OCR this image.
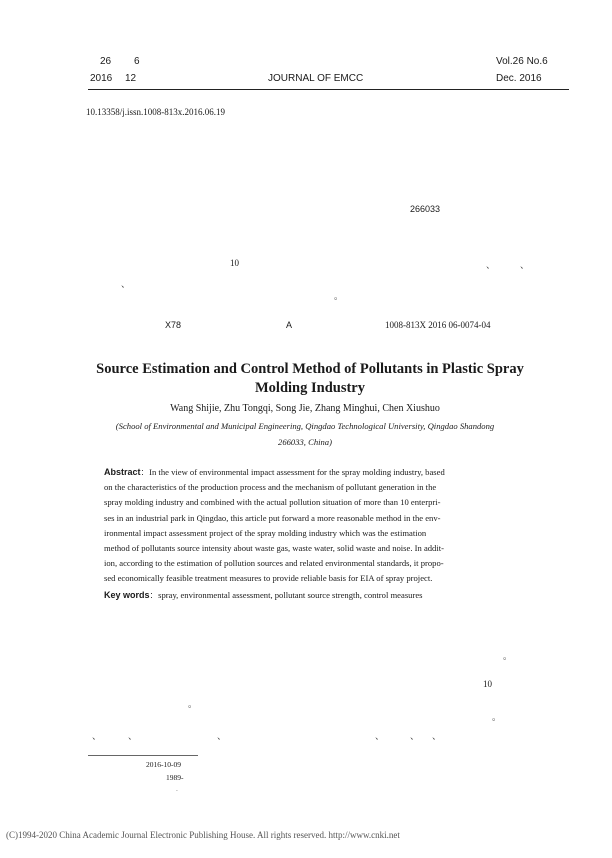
26 6
2016 12	JOURNAL OF EMCC
Vol.26 No.6
Dec. 2016
10.13358/j.issn.1008-813x.2016.06.19
266033
10	、	、
、
。
X78	A	1008-813X 2016 06-0074-04
Source Estimation and Control Method of Pollutants in Plastic Spray Molding Industry
Wang Shijie, Zhu Tongqi, Song Jie, Zhang Minghui, Chen Xiushuo
(School of Environmental and Municipal Engineering, Qingdao Technological University, Qingdao Shandong
266033, China)
Abstract：In the view of environmental impact assessment for the spray molding industry, based
on the characteristics of the production process and the mechanism of pollutant generation in the
spray molding industry and combined with the actual pollution situation of more than 10 enterpri-
ses in an industrial park in Qingdao, this article put forward a more reasonable method in the env-
ironmental impact assessment project of the spray molding industry which was the estimation
method of pollutants source intensity about waste gas, waste water, solid waste and noise. In addit-
ion, according to the estimation of pollution sources and related environmental standards, it propo-
sed economically feasible treatment measures to provide reliable basis for EIA of spray project.
Key words：spray, environmental assessment, pollutant source strength, control measures
。
10
。
。
、	、	、	、	、 、
2016-10-09
1989-
.
(C)1994-2020 China Academic Journal Electronic Publishing House. All rights reserved. http://www.cnki.net
